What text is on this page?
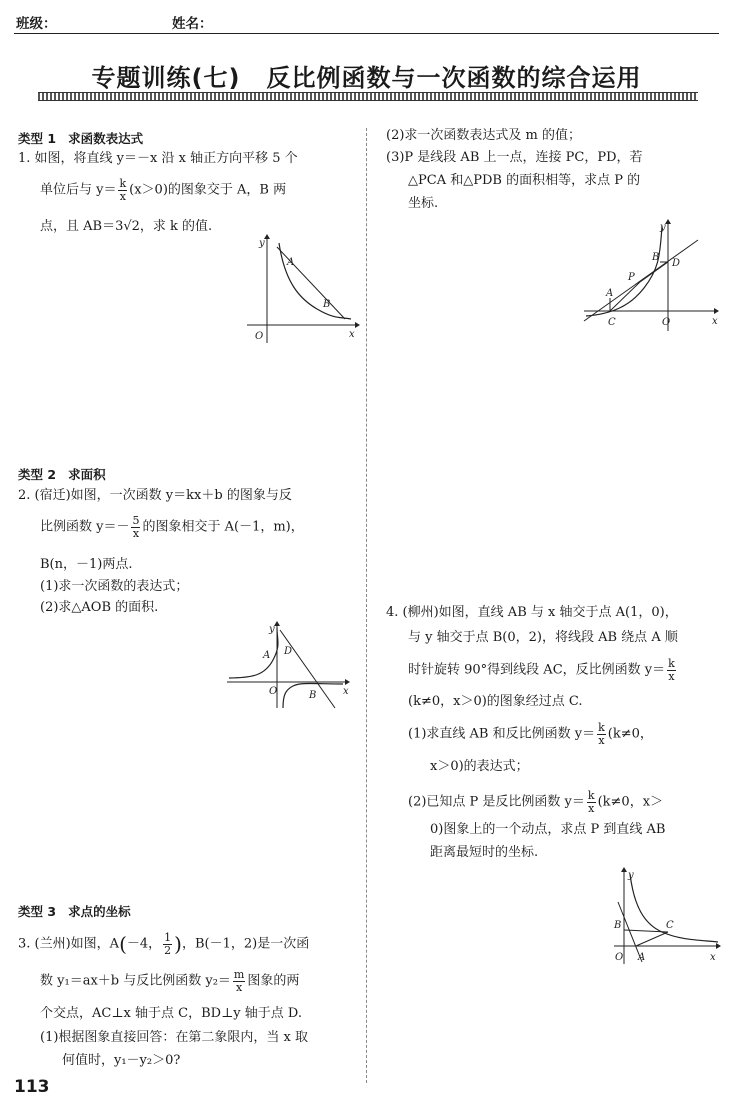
班级：	姓名：
专题训练(七) 反比例函数与一次函数的综合运用
类型 1 求函数表达式
1. 如图，将直线 y＝－x 沿 x 轴正方向平移 5 个
单位后与 $y= \frac{k}{x} (x>0)$的图象交于 A，B 两
点，且 AB＝3√2，求 k 的值.
y
x
O
A
B
类型 2 求面积
2. (宿迁)如图，一次函数 y＝kx＋b 的图象与反
比例函数 $y=- \frac{5}{x}$ 的图象相交于 A(－1，m)，
B(n，－1)两点.
(1)求一次函数的表达式；
(2)求△AOB 的面积.
y
x
O
A
B
D
类型 3 求点的坐标
3. (兰州)如图，A(－4， $\frac{1}{2}$ )，B(－1，2)是一次函
数 y₁＝ax＋b 与反比例函数 $y_2= \frac{m}{x}$ 图象的两
个交点，AC⊥x 轴于点 C，BD⊥y 轴于点 D.
(1)根据图象直接回答：在第二象限内，当 x 取
何值时，y₁－y₂＞0?
113
(2)求一次函数表达式及 m 的值；
(3)P 是线段 AB 上一点，连接 PC，PD，若
△PCA 和△PDB 的面积相等，求点 P 的
坐标.
y
x
O
A
B
C
D
P
4. (柳州)如图，直线 AB 与 x 轴交于点 A(1，0)，
与 y 轴交于点 B(0，2)，将线段 AB 绕点 A 顺
时针旋转 90°得到线段 AC，反比例函数 $y= \frac{k}{x}$
(k≠0，x＞0)的图象经过点 C.
(1)求直线 AB 和反比例函数 $y= \frac{k}{x} (k\ne 0$，
x＞0)的表达式；
(2)已知点 P 是反比例函数 $y= \frac{k}{x} (k\ne 0$，x＞
0)图象上的一个动点，求点 P 到直线 AB
距离最短时的坐标.
y
x
O A
B	C
